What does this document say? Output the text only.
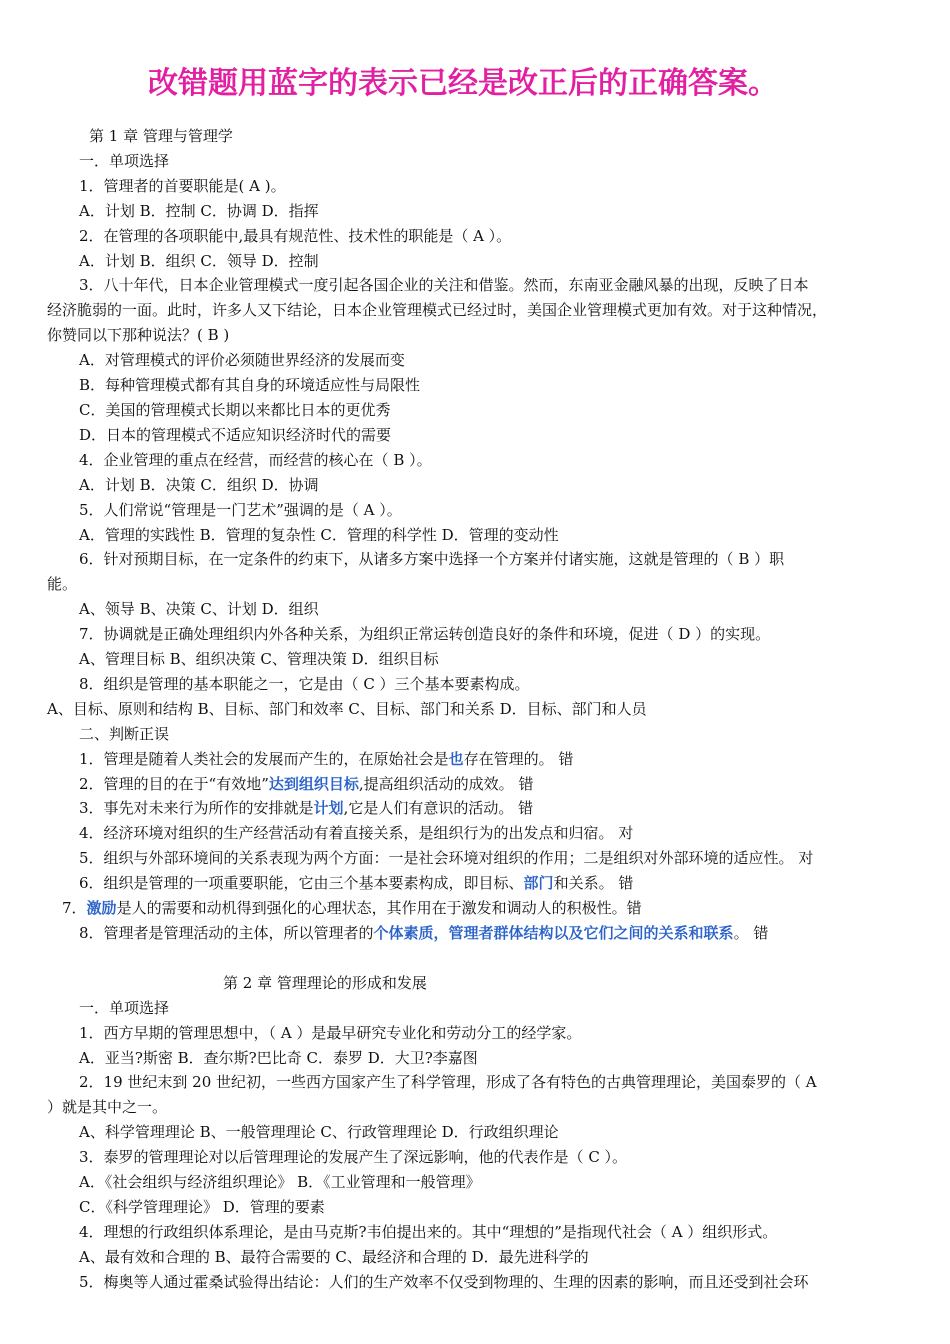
改错题用蓝字的表示已经是改正后的正确答案。
第 1 章 管理与管理学
一．单项选择
1．管理者的首要职能是( A )。
A．计划 B．控制 C．协调 D．指挥
2．在管理的各项职能中,最具有规范性、技术性的职能是（ A ）。
A．计划 B．组织 C．领导 D．控制
3．八十年代，日本企业管理模式一度引起各国企业的关注和借鉴。然而，东南亚金融风暴的出现，反映了日本
经济脆弱的一面。此时，许多人又下结论，日本企业管理模式已经过时，美国企业管理模式更加有效。对于这种情况，
你赞同以下那种说法？( B )
A．对管理模式的评价必须随世界经济的发展而变
B．每种管理模式都有其自身的环境适应性与局限性
C．美国的管理模式长期以来都比日本的更优秀
D．日本的管理模式不适应知识经济时代的需要
4．企业管理的重点在经营，而经营的核心在（ B ）。
A．计划 B．决策 C．组织 D．协调
5．人们常说“管理是一门艺术”强调的是（ A ）。
A．管理的实践性 B．管理的复杂性 C．管理的科学性 D．管理的变动性
6．针对预期目标，在一定条件的约束下，从诸多方案中选择一个方案并付诸实施，这就是管理的（ B ）职
能。
A、领导 B、决策 C、计划 D．组织
7．协调就是正确处理组织内外各种关系，为组织正常运转创造良好的条件和环境，促进（ D ）的实现。
A、管理目标 B、组织决策 C、管理决策 D．组织目标
8．组织是管理的基本职能之一，它是由（ C ）三个基本要素构成。
A、目标、原则和结构 B、目标、部门和效率 C、目标、部门和关系 D．目标、部门和人员
二、判断正误
1．管理是随着人类社会的发展而产生的，在原始社会是也存在管理的。 错
2．管理的目的在于“有效地”达到组织目标,提高组织活动的成效。 错
3．事先对未来行为所作的安排就是计划,它是人们有意识的活动。 错
4．经济环境对组织的生产经营活动有着直接关系，是组织行为的出发点和归宿。 对
5．组织与外部环境间的关系表现为两个方面：一是社会环境对组织的作用；二是组织对外部环境的适应性。 对
6．组织是管理的一项重要职能，它由三个基本要素构成，即目标、部门和关系。 错
7．激励是人的需要和动机得到强化的心理状态，其作用在于激发和调动人的积极性。错
8．管理者是管理活动的主体，所以管理者的个体素质，管理者群体结构以及它们之间的关系和联系。 错
第 2 章 管理理论的形成和发展
一．单项选择
1．西方早期的管理思想中，（ A ）是最早研究专业化和劳动分工的经学家。
A．亚当?斯密 B．查尔斯?巴比奇 C．泰罗 D．大卫?李嘉图
2．19 世纪末到 20 世纪初，一些西方国家产生了科学管理，形成了各有特色的古典管理理论，美国泰罗的（ A
）就是其中之一。
A、科学管理理论 B、一般管理理论 C、行政管理理论 D．行政组织理论
3．泰罗的管理理论对以后管理理论的发展产生了深远影响，他的代表作是（ C ）。
A．《社会组织与经济组织理论》 B．《工业管理和一般管理》
C．《科学管理理论》 D．管理的要素
4．理想的行政组织体系理论，是由马克斯?韦伯提出来的。其中“理想的”是指现代社会（ A ）组织形式。
A、最有效和合理的 B、最符合需要的 C、最经济和合理的 D．最先进科学的
5．梅奥等人通过霍桑试验得出结论：人们的生产效率不仅受到物理的、生理的因素的影响，而且还受到社会环
